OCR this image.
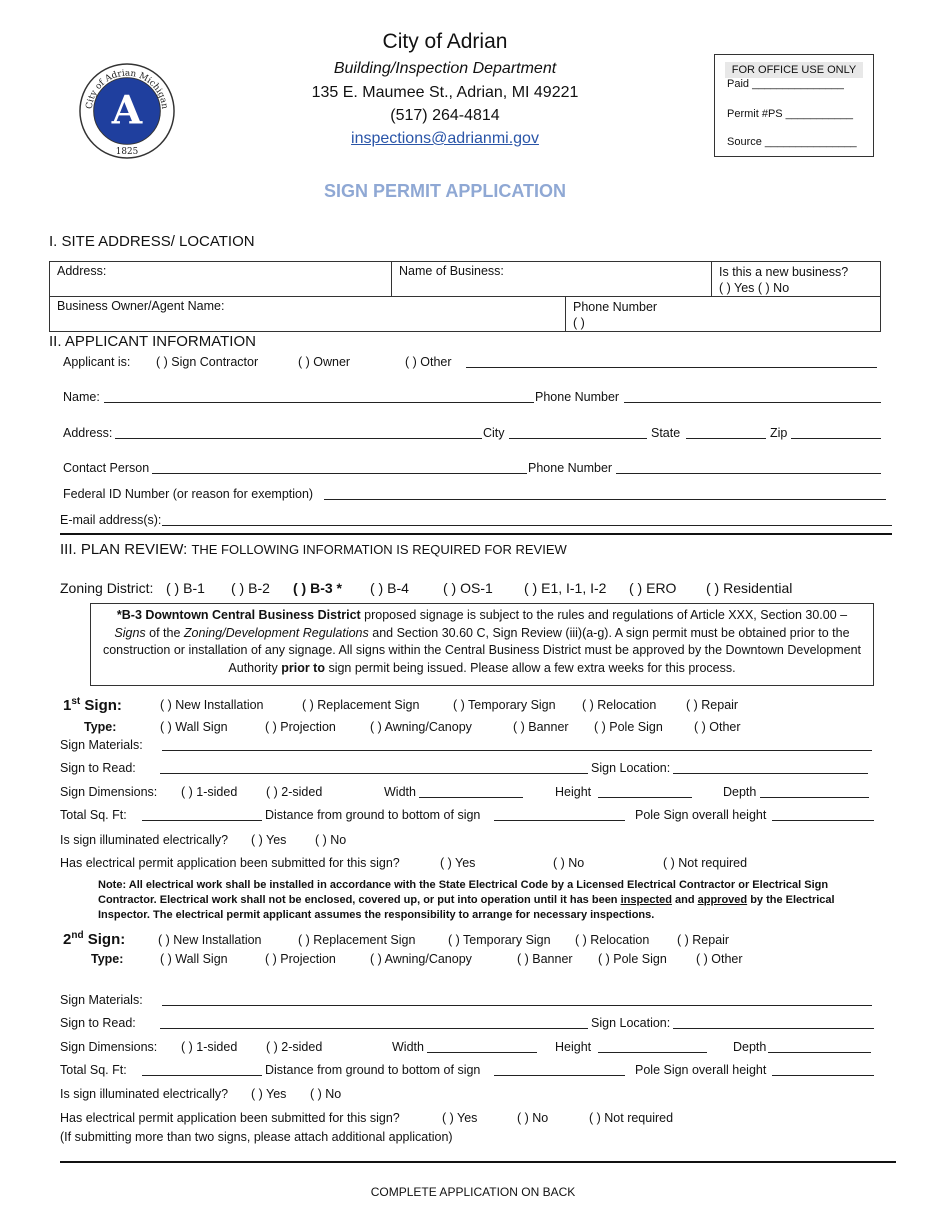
City of Adrian Michigan
A
1825
City of Adrian
Building/Inspection Department
135 E. Maumee St., Adrian, MI 49221
(517) 264-4814
inspections@adrianmi.gov
FOR OFFICE USE ONLY
Paid _______________
Permit #PS ___________
Source _______________
SIGN PERMIT APPLICATION
I. SITE ADDRESS/ LOCATION
Address:	Name of Business:	Is this a new business?
( ) Yes ( ) No
Business Owner/Agent Name:	Phone Number
( )
II. APPLICANT INFORMATION
Applicant is: ( ) Sign Contractor	( ) Owner	( ) Other
Name:	Phone Number
Address:	City	State	Zip
Contact Person	Phone Number
Federal ID Number (or reason for exemption)
E-mail address(s):
III. PLAN REVIEW: THE FOLLOWING INFORMATION IS REQUIRED FOR REVIEW
Zoning District: ( ) B-1 ( ) B-2 ( ) B-3 * ( ) B-4 ( ) OS-1 ( ) E1, I-1, I-2 ( ) ERO ( ) Residential
*B-3 Downtown Central Business District proposed signage is subject to the rules and regulations of Article XXX, Section 30.00 – Signs of the Zoning/Development Regulations and Section 30.60 C, Sign Review (iii)(a-g). A sign permit must be obtained prior to the construction or installation of any signage. All signs within the Central Business District must be approved by the Downtown Development Authority prior to sign permit being issued. Please allow a few extra weeks for this process.
1st Sign:	( ) New Installation	( ) Replacement Sign	( ) Temporary Sign ( ) Relocation ( ) Repair
Type:	( ) Wall Sign	( ) Projection	( ) Awning/Canopy	( ) Banner ( ) Pole Sign ( ) Other
Sign Materials:
Sign to Read:	Sign Location:
Sign Dimensions: ( ) 1-sided ( ) 2-sided	Width	Height	Depth
Total Sq. Ft:	Distance from ground to bottom of sign	Pole Sign overall height
Is sign illuminated electrically? ( ) Yes ( ) No
Has electrical permit application been submitted for this sign?	( ) Yes	( ) No	( ) Not required
Note: All electrical work shall be installed in accordance with the State Electrical Code by a Licensed Electrical Contractor or Electrical Sign Contractor. Electrical work shall not be enclosed, covered up, or put into operation until it has been inspected and approved by the Electrical Inspector. The electrical permit applicant assumes the responsibility to arrange for necessary inspections.
2nd Sign:	( ) New Installation	( ) Replacement Sign	( ) Temporary Sign ( ) Relocation ( ) Repair
Type:	( ) Wall Sign	( ) Projection	( ) Awning/Canopy	( ) Banner ( ) Pole Sign ( ) Other
Sign Materials:
Sign to Read:	Sign Location:
Sign Dimensions: ( ) 1-sided ( ) 2-sided	Width	Height	Depth
Total Sq. Ft:	Distance from ground to bottom of sign	Pole Sign overall height
Is sign illuminated electrically? ( ) Yes ( ) No
Has electrical permit application been submitted for this sign?	( ) Yes	( ) No	( ) Not required
(If submitting more than two signs, please attach additional application)
COMPLETE APPLICATION ON BACK
